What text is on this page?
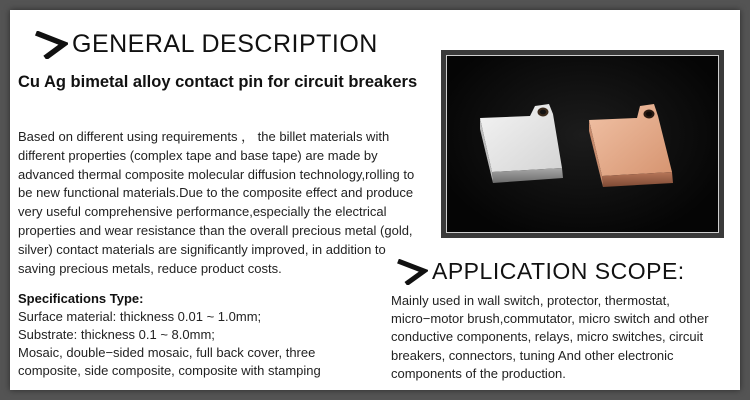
GENERAL DESCRIPTION
Cu Ag bimetal alloy contact pin for circuit breakers
Based on different using requirements ， the billet materials with different properties (complex tape and base tape) are made by advanced thermal composite molecular diffusion technology,rolling to be new functional materials.Due to the composite effect and produce very useful comprehensive performance,especially the electrical properties and wear resistance than the overall precious metal (gold, silver) contact materials are significantly improved, in addition to saving precious metals, reduce product costs.
Specifications Type:
Surface material: thickness 0.01 ~ 1.0mm;
Substrate: thickness 0.1 ~ 8.0mm;
Mosaic, double−sided mosaic, full back cover, three composite, side composite, composite with stamping
APPLICATION SCOPE:
Mainly used in wall switch, protector, thermostat, micro−motor brush,commutator, micro switch and other conductive components, relays, micro switches, circuit breakers, connectors, tuning And other electronic components of the production.
